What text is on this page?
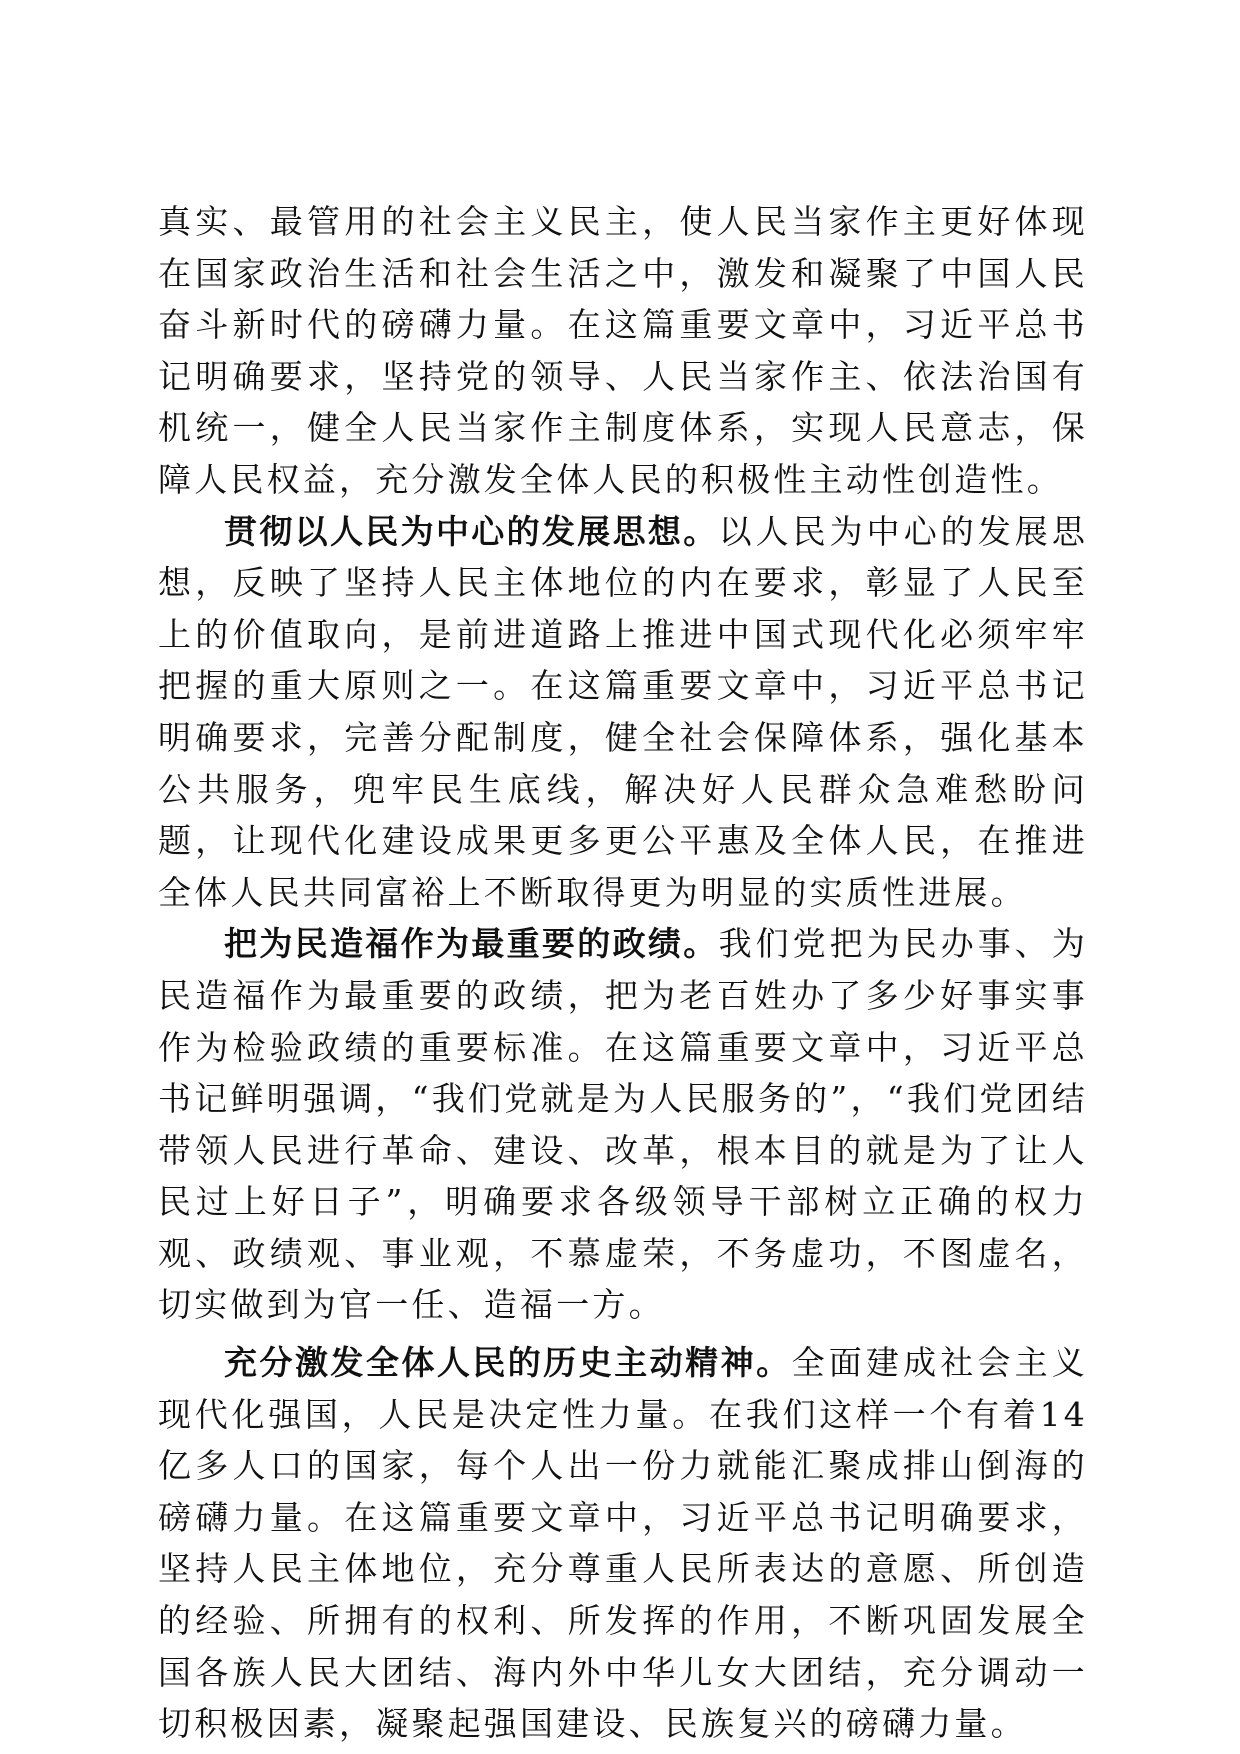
真实、最管用的社会主义民主，使人民当家作主更好体现在国家政治生活和社会生活之中，激发和凝聚了中国人民奋斗新时代的磅礴力量。在这篇重要文章中，习近平总书记明确要求，坚持党的领导、人民当家作主、依法治国有机统一，健全人民当家作主制度体系，实现人民意志，保障人民权益，充分激发全体人民的积极性主动性创造性。

贯彻以人民为中心的发展思想。以人民为中心的发展思想，反映了坚持人民主体地位的内在要求，彰显了人民至上的价值取向，是前进道路上推进中国式现代化必须牢牢把握的重大原则之一。在这篇重要文章中，习近平总书记明确要求，完善分配制度，健全社会保障体系，强化基本公共服务，兜牢民生底线，解决好人民群众急难愁盼问题，让现代化建设成果更多更公平惠及全体人民，在推进全体人民共同富裕上不断取得更为明显的实质性进展。

把为民造福作为最重要的政绩。我们党把为民办事、为民造福作为最重要的政绩，把为老百姓办了多少好事实事作为检验政绩的重要标准。在这篇重要文章中，习近平总书记鲜明强调，“我们党就是为人民服务的”，“我们党团结带领人民进行革命、建设、改革，根本目的就是为了让人民过上好日子”，明确要求各级领导干部树立正确的权力观、政绩观、事业观，不慕虚荣，不务虚功，不图虚名，切实做到为官一任、造福一方。

充分激发全体人民的历史主动精神。全面建成社会主义现代化强国，人民是决定性力量。在我们这样一个有着14亿多人口的国家，每个人出一份力就能汇聚成排山倒海的磅礴力量。在这篇重要文章中，习近平总书记明确要求，坚持人民主体地位，充分尊重人民所表达的意愿、所创造的经验、所拥有的权利、所发挥的作用，不断巩固发展全国各族人民大团结、海内外中华儿女大团结，充分调动一切积极因素，凝聚起强国建设、民族复兴的磅礴力量。
